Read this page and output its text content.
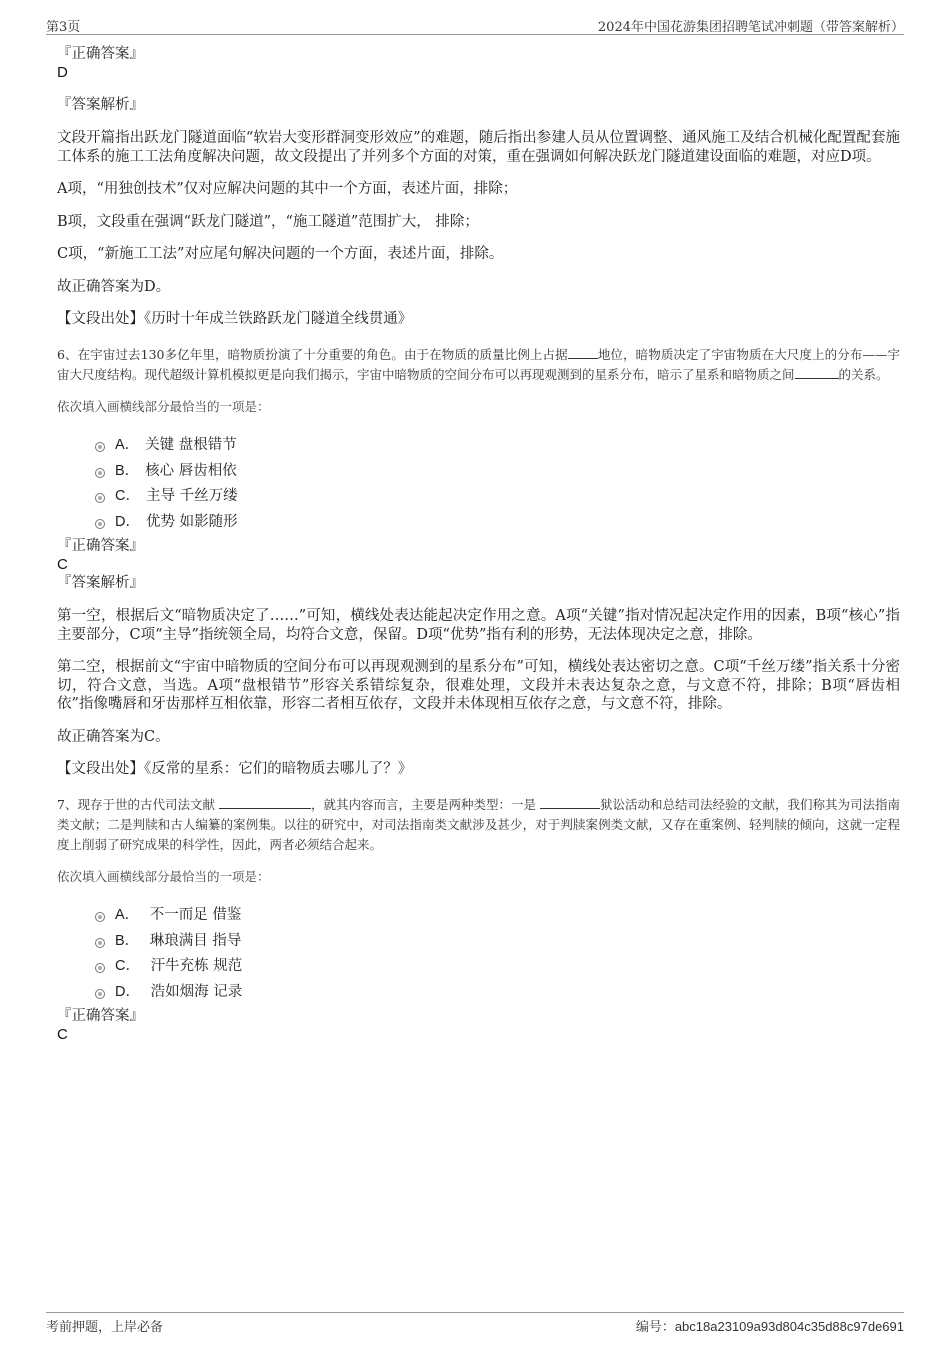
第3页	2024年中国花游集团招聘笔试冲刺题（带答案解析）
『正确答案』
D
『答案解析』

文段开篇指出跃龙门隧道面临“软岩大变形群洞变形效应”的难题，随后指出参建人员从位置调整、通风施工及结合机械化配置配套施工体系的施工工法角度解决问题，故文段提出了并列多个方面的对策，重在强调如何解决跃龙门隧道建设面临的难题，对应D项。

A项，“用独创技术”仅对应解决问题的其中一个方面，表述片面，排除；

B项，文段重在强调“跃龙门隧道”，“施工隧道”范围扩大， 排除；

C项，“新施工工法”对应尾句解决问题的一个方面，表述片面，排除。

故正确答案为D。

【文段出处】《历时十年成兰铁路跃龙门隧道全线贯通》

6、在宇宙过去130多亿年里，暗物质扮演了十分重要的角色。由于在物质的质量比例上占据 地位，暗物质决定了宇宙物质在大尺度上的分布——宇宙大尺度结构。现代超级计算机模拟更是向我们揭示，宇宙中暗物质的空间分布可以再现观测到的星系分布，暗示了星系和暗物质之间	的关系。

依次填入画横线部分最恰当的一项是：
A． 关键 盘根错节
B． 核心 唇齿相依
C． 主导 千丝万缕
D． 优势 如影随形
『正确答案』
C
『答案解析』

第一空，根据后文“暗物质决定了……”可知，横线处表达能起决定作用之意。A项“关键”指对情况起决定作用的因素，B项“核心”指主要部分，C项“主导”指统领全局，均符合文意，保留。D项“优势”指有利的形势，无法体现决定之意，排除。

第二空，根据前文“宇宙中暗物质的空间分布可以再现观测到的星系分布”可知，横线处表达密切之意。C项“千丝万缕”指关系十分密切，符合文意，当选。A项“盘根错节”形容关系错综复杂，很难处理，文段并未表达复杂之意，与文意不符，排除；B项“唇齿相依”指像嘴唇和牙齿那样互相依靠，形容二者相互依存，文段并未体现相互依存之意，与文意不符，排除。

故正确答案为C。

【文段出处】《反常的星系：它们的暗物质去哪儿了？》

7、现存于世的古代司法文献	，就其内容而言，主要是两种类型：一是	狱讼活动和总结司法经验的文献，我们称其为司法指南类文献；二是判牍和古人编纂的案例集。以往的研究中，对司法指南类文献涉及甚少，对于判牍案例类文献，又存在重案例、轻判牍的倾向，这就一定程度上削弱了研究成果的科学性，因此，两者必须结合起来。

依次填入画横线部分最恰当的一项是：
A． 不一而足 借鉴
B． 琳琅满目 指导
C． 汗牛充栋 规范
D． 浩如烟海 记录
『正确答案』
C
考前押题，上岸必备	编号：abc18a23109a93d804c35d88c97de691
